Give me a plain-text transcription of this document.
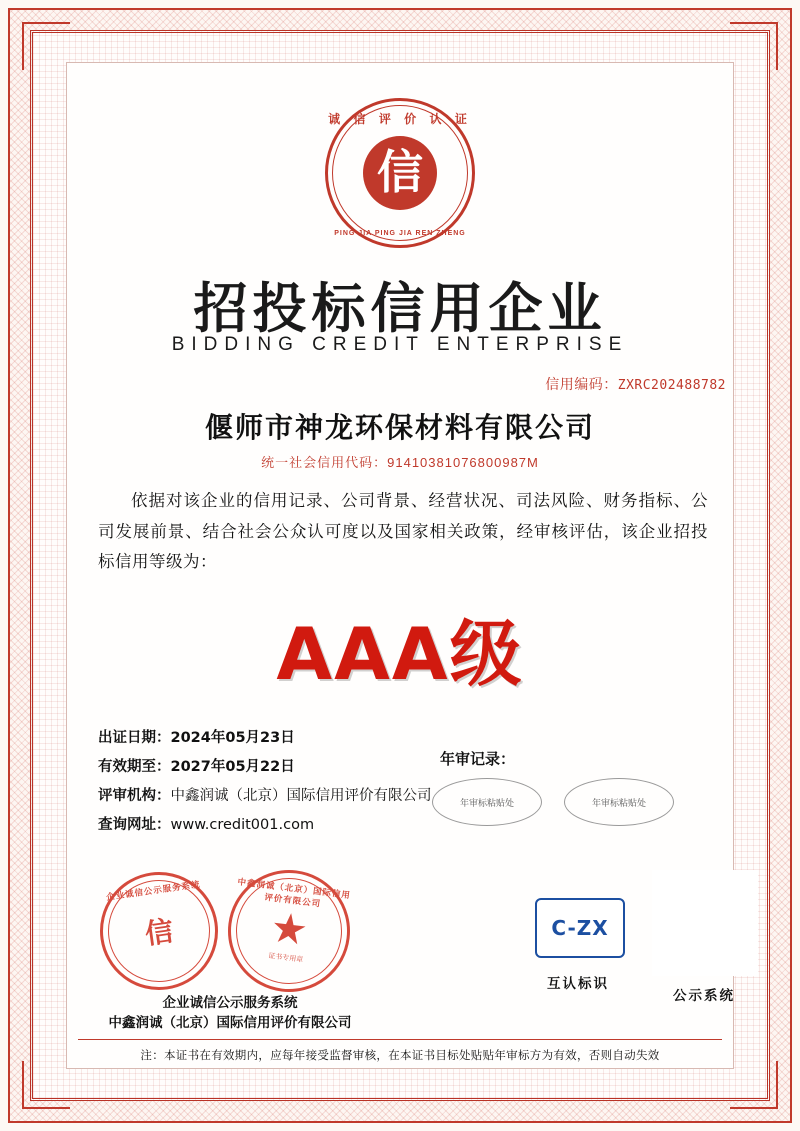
诚 信 评 价 认 证
信
PING JIA PING JIA REN ZHENG
招投标信用企业
BIDDING CREDIT ENTERPRISE
信用编码：ZXRC202488782
偃师市神龙环保材料有限公司
统一社会信用代码：91410381076800987M
依据对该企业的信用记录、公司背景、经营状况、司法风险、财务指标、公司发展前景、结合社会公众认可度以及国家相关政策，经审核评估，该企业招投标信用等级为：
AAA级
出证日期：2024年05月23日
有效期至：2027年05月22日
评审机构：中鑫润诚（北京）国际信用评价有限公司
查询网址：www.credit001.com
年审记录：
年审标粘贴处	年审标粘贴处
企业诚信公示服务系统
信
中鑫润诚（北京）国际信用评价有限公司
★
证书专用章
企业诚信公示服务系统
中鑫润诚（北京）国际信用评价有限公司
C-ZX
互认标识
公示系统
注：本证书在有效期内，应每年接受监督审核，在本证书目标处贴贴年审标方为有效，否则自动失效
